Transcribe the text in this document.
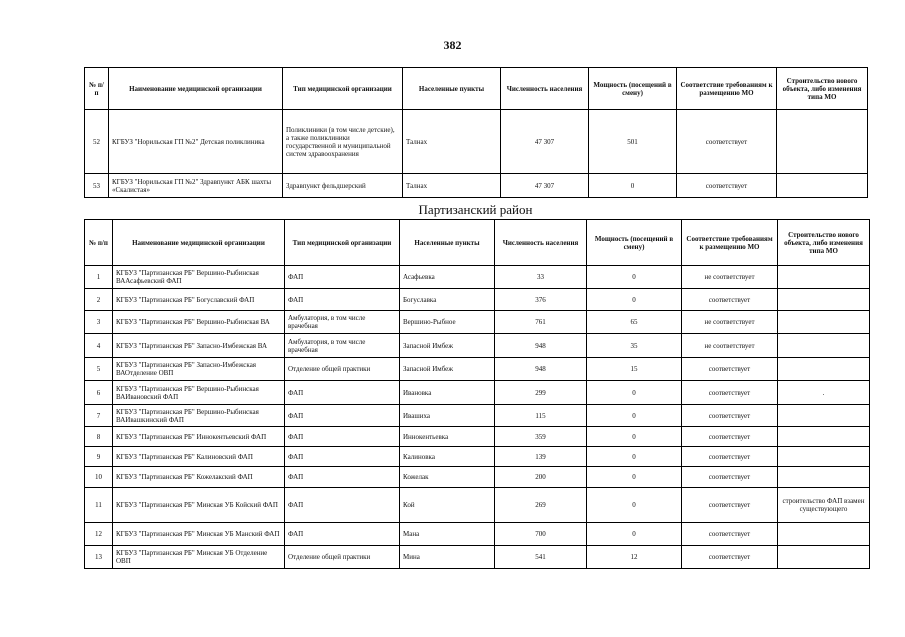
382
№ п/п	Наименование медицинской организации	Тип медицинской организации	Населенные пункты	Численность населения	Мощность (посещений в смену)	Соответствие требованиям к размещению МО	Строительство нового объекта, либо изменения типа МО
52	КГБУЗ "Норильская ГП №2" Детская поликлиника	Поликлиники (в том числе детские), а также поликлиники государственной и муниципальной систем здравоохранения	Талнах	47 307	501	соответствует	
53	КГБУЗ "Норильская ГП №2" Здравпункт АБК шахты «Скалистая»	Здравпункт фельдшерский	Талнах	47 307	0	соответствует	
Партизанский район
№ п/п	Наименование медицинской организации	Тип медицинской организации	Населенные пункты	Численность населения	Мощность (посещений в смену)	Соответствие требованиям к размещению МО	Строительство нового объекта, либо изменения типа МО
1	КГБУЗ "Партизанская РБ" Вершино-Рыбинская ВААсафьевский ФАП	ФАП	Асафьевка	33	0	не соответствует	
2	КГБУЗ "Партизанская РБ" Богуславский ФАП	ФАП	Богуславка	376	0	соответствует	
3	КГБУЗ "Партизанская РБ" Вершино-Рыбинская ВА	Амбулатория, в том числе врачебная	Вершино-Рыбное	761	65	не соответствует	
4	КГБУЗ "Партизанская РБ" Запасно-Имбежская ВА	Амбулатория, в том числе врачебная	Запасной Имбеж	948	35	не соответствует	
5	КГБУЗ "Партизанская РБ" Запасно-Имбежская ВАОтделение ОВП	Отделение общей практики	Запасной Имбеж	948	15	соответствует	
6	КГБУЗ "Партизанская РБ" Вершино-Рыбинская ВАИвановский ФАП	ФАП	Ивановка	299	0	соответствует	.
7	КГБУЗ "Партизанская РБ" Вершино-Рыбинская ВАИвашкинский ФАП	ФАП	Ивашиха	115	0	соответствует	
8	КГБУЗ "Партизанская РБ" Иннокентьевский ФАП	ФАП	Иннокентьевка	359	0	соответствует	
9	КГБУЗ "Партизанская РБ" Калиновский ФАП	ФАП	Калиновка	139	0	соответствует	
10	КГБУЗ "Партизанская РБ" Кожелакский ФАП	ФАП	Кожелак	200	0	соответствует	
11	КГБУЗ "Партизанская РБ" Минская УБ Койский ФАП	ФАП	Кой	269	0	соответствует	строительство ФАП взамен существующего
12	КГБУЗ "Партизанская РБ" Минская УБ Манский ФАП	ФАП	Мана	700	0	соответствует	
13	КГБУЗ "Партизанская РБ" Минская УБ Отделение ОВП	Отделение общей практики	Мина	541	12	соответствует	
